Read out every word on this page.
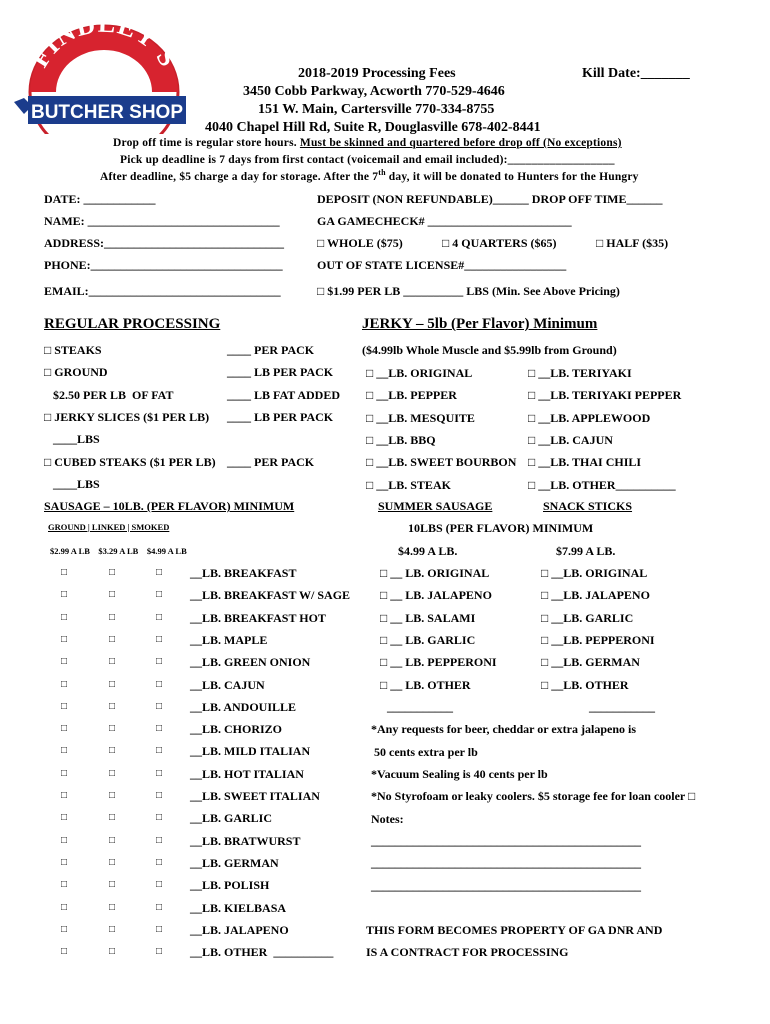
FINDLEY'S
BUTCHER SHOP
2018-2019 Processing Fees	Kill Date:_______
3450 Cobb Parkway, Acworth 770-529-4646
151 W. Main, Cartersville 770-334-8755
4040 Chapel Hill Rd, Suite R, Douglasville 678-402-8441
Drop off time is regular store hours. Must be skinned and quartered before drop off (No exceptions)
Pick up deadline is 7 days from first contact (voicemail and email included):__________________
After deadline, $5 charge a day for storage. After the 7th day, it will be donated to Hunters for the Hungry
DATE: ____________	DEPOSIT (NON REFUNDABLE)______ DROP OFF TIME______
NAME: ________________________________	GA GAMECHECK# ________________________
ADDRESS:______________________________	□ WHOLE ($75)	□ 4 QUARTERS ($65)	□ HALF ($35)
PHONE:________________________________	OUT OF STATE LICENSE#_________________
EMAIL:________________________________	□ $1.99 PER LB __________ LBS (Min. See Above Pricing)
REGULAR PROCESSING
□ STEAKS	____ PER PACK
□ GROUND	____ LB PER PACK
$2.50 PER LB  OF FAT	____ LB FAT ADDED
□ JERKY SLICES ($1 PER LB) ____ LB PER PACK
____LBS
□ CUBED STEAKS ($1 PER LB) ____ PER PACK
____LBS
JERKY – 5lb (Per Flavor) Minimum
($4.99lb Whole Muscle and $5.99lb from Ground)
□ __LB. ORIGINAL	□ __LB. TERIYAKI
□ __LB. PEPPER	□ __LB. TERIYAKI PEPPER
□ __LB. MESQUITE	□ __LB. APPLEWOOD
□ __LB. BBQ	□ __LB. CAJUN
□ __LB. SWEET BOURBON □ __LB. THAI CHILI
□ __LB. STEAK	□ __LB. OTHER__________
SAUSAGE – 10LB. (PER FLAVOR) MINIMUM
GROUND | LINKED | SMOKED
$2.99 A LB    $3.29 A LB    $4.99 A LB
□	□	□ __LB. BREAKFAST
□	□	□ __LB. BREAKFAST W/ SAGE
□	□	□ __LB. BREAKFAST HOT
□	□	□ __LB. MAPLE
□	□	□ __LB. GREEN ONION
□	□	□ __LB. CAJUN
□	□	□ __LB. ANDOUILLE
□	□	□ __LB. CHORIZO
□	□	□ __LB. MILD ITALIAN
□	□	□ __LB. HOT ITALIAN
□	□	□ __LB. SWEET ITALIAN
□	□	□ __LB. GARLIC
□	□	□ __LB. BRATWURST
□	□	□ __LB. GERMAN
□	□	□ __LB. POLISH
□	□	□ __LB. KIELBASA
□	□	□ __LB. JALAPENO
□	□	□ __LB. OTHER  __________
SUMMER SAUSAGE
$4.99 A LB.
□ __ LB. ORIGINAL
□ __ LB. JALAPENO
□ __ LB. SALAMI
□ __ LB. GARLIC
□ __ LB. PEPPERONI
□ __ LB. OTHER
___________
SNACK STICKS
10LBS (PER FLAVOR) MINIMUM
$7.99 A LB.
□ __LB. ORIGINAL
□ __LB. JALAPENO
□ __LB. GARLIC
□ __LB. PEPPERONI
□ __LB. GERMAN
□ __LB. OTHER
___________
*Any requests for beer, cheddar or extra jalapeno is
50 cents extra per lb
*Vacuum Sealing is 40 cents per lb
*No Styrofoam or leaky coolers. $5 storage fee for loan cooler □
Notes:
_____________________________________________
_____________________________________________
_____________________________________________
THIS FORM BECOMES PROPERTY OF GA DNR AND
IS A CONTRACT FOR PROCESSING
